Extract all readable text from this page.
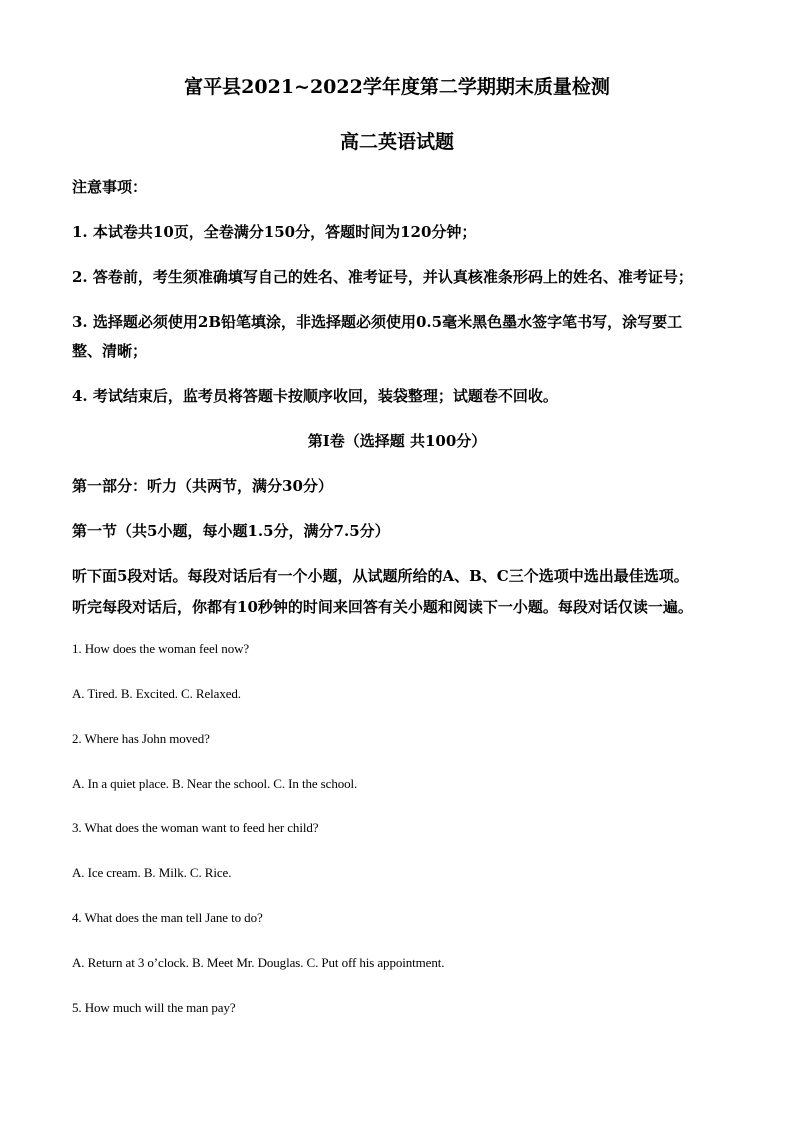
富平县2021~2022学年度第二学期期末质量检测
高二英语试题
注意事项：
1. 本试卷共10页，全卷满分150分，答题时间为120分钟；
2. 答卷前，考生须准确填写自己的姓名、准考证号，并认真核准条形码上的姓名、准考证号；
3. 选择题必须使用2B铅笔填涂，非选择题必须使用0.5毫米黑色墨水签字笔书写，涂写要工
整、清晰；
4. 考试结束后，监考员将答题卡按顺序收回，装袋整理；试题卷不回收。
第I卷（选择题 共100分）
第一部分：听力（共两节，满分30分）
第一节（共5小题，每小题1.5分，满分7.5分）
听下面5段对话。每段对话后有一个小题，从试题所给的A、B、C三个选项中选出最佳选项。
听完每段对话后，你都有10秒钟的时间来回答有关小题和阅读下一小题。每段对话仅读一遍。
1. How does the woman feel now?
A. Tired. B. Excited. C. Relaxed.
2. Where has John moved?
A. In a quiet place. B. Near the school. C. In the school.
3. What does the woman want to feed her child?
A. Ice cream. B. Milk. C. Rice.
4. What does the man tell Jane to do?
A. Return at 3 o’clock. B. Meet Mr. Douglas. C. Put off his appointment.
5. How much will the man pay?
